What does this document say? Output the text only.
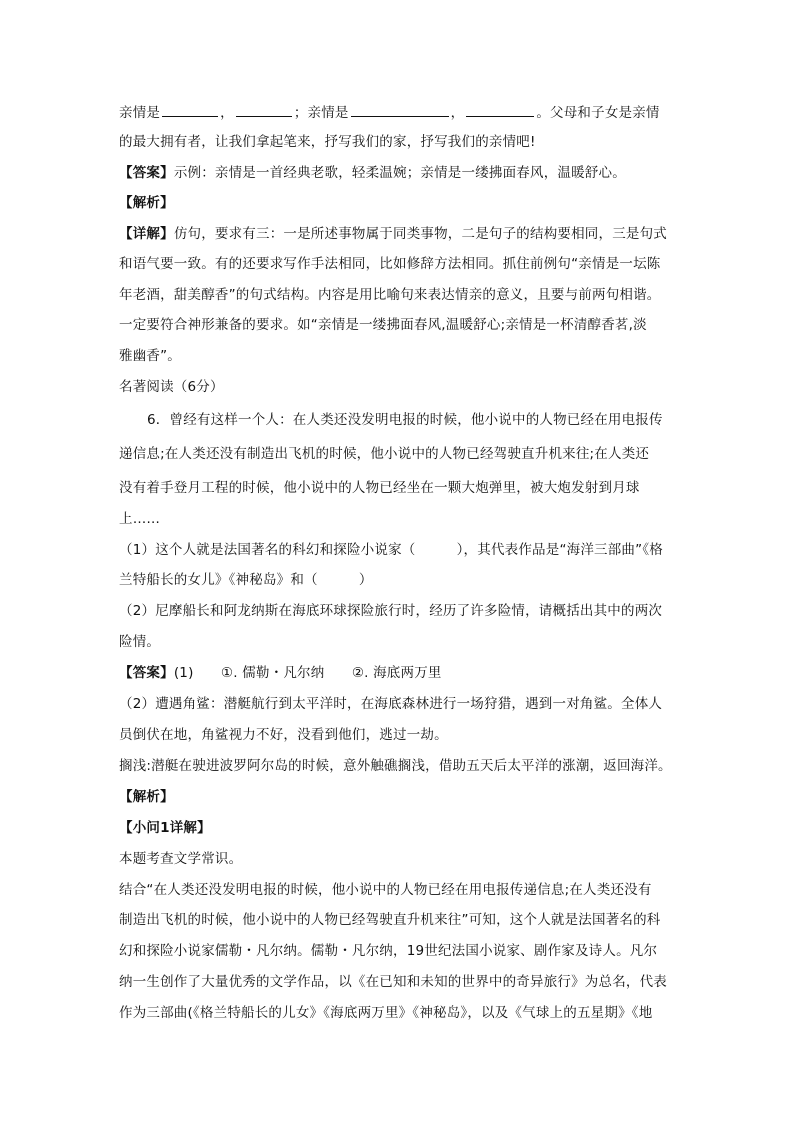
亲情是	，	；亲情是	，	。父母和子女是亲情
的最大拥有者，让我们拿起笔来，抒写我们的家，抒写我们的亲情吧!
【答案】示例：亲情是一首经典老歌，轻柔温婉；亲情是一缕拂面春风，温暖舒心。
【解析】
【详解】仿句，要求有三：一是所述事物属于同类事物，二是句子的结构要相同，三是句式
和语气要一致。有的还要求写作手法相同，比如修辞方法相同。抓住前例句“亲情是一坛陈
年老酒，甜美醇香”的句式结构。内容是用比喻句来表达情亲的意义，且要与前两句相谐。
一定要符合神形兼备的要求。如“亲情是一缕拂面春风,温暖舒心;亲情是一杯清醇香茗,淡
雅幽香”。
名著阅读（6分）
6．曾经有这样一个人：在人类还没发明电报的时候，他小说中的人物已经在用电报传
递信息;在人类还没有制造出飞机的时候，他小说中的人物已经驾驶直升机来往;在人类还
没有着手登月工程的时候，他小说中的人物已经坐在一颗大炮弹里，被大炮发射到月球
上……
（1）这个人就是法国著名的科幻和探险小说家（　　　），其代表作品是“海洋三部曲”《格
兰特船长的女儿》《神秘岛》和（　　　）
（2）尼摩船长和阿龙纳斯在海底环球探险旅行时，经历了许多险情，请概括出其中的两次
险情。
【答案】(1)　　①. 儒勒・凡尔纳　　②. 海底两万里
（2）遭遇角鲨：潜艇航行到太平洋时，在海底森林进行一场狩猎，遇到一对角鲨。全体人
员倒伏在地，角鲨视力不好，没看到他们，逃过一劫。
搁浅:潜艇在驶进波罗阿尔岛的时候，意外触礁搁浅，借助五天后太平洋的涨潮，返回海洋。
【解析】
【小问1详解】
本题考查文学常识。
结合“在人类还没发明电报的时候，他小说中的人物已经在用电报传递信息;在人类还没有
制造出飞机的时候，他小说中的人物已经驾驶直升机来往”可知，这个人就是法国著名的科
幻和探险小说家儒勒・凡尔纳。儒勒・凡尔纳，19世纪法国小说家、剧作家及诗人。凡尔
纳一生创作了大量优秀的文学作品，以《在已知和未知的世界中的奇异旅行》为总名，代表
作为三部曲(《格兰特船长的儿女》《海底两万里》《神秘岛》，以及《气球上的五星期》《地
